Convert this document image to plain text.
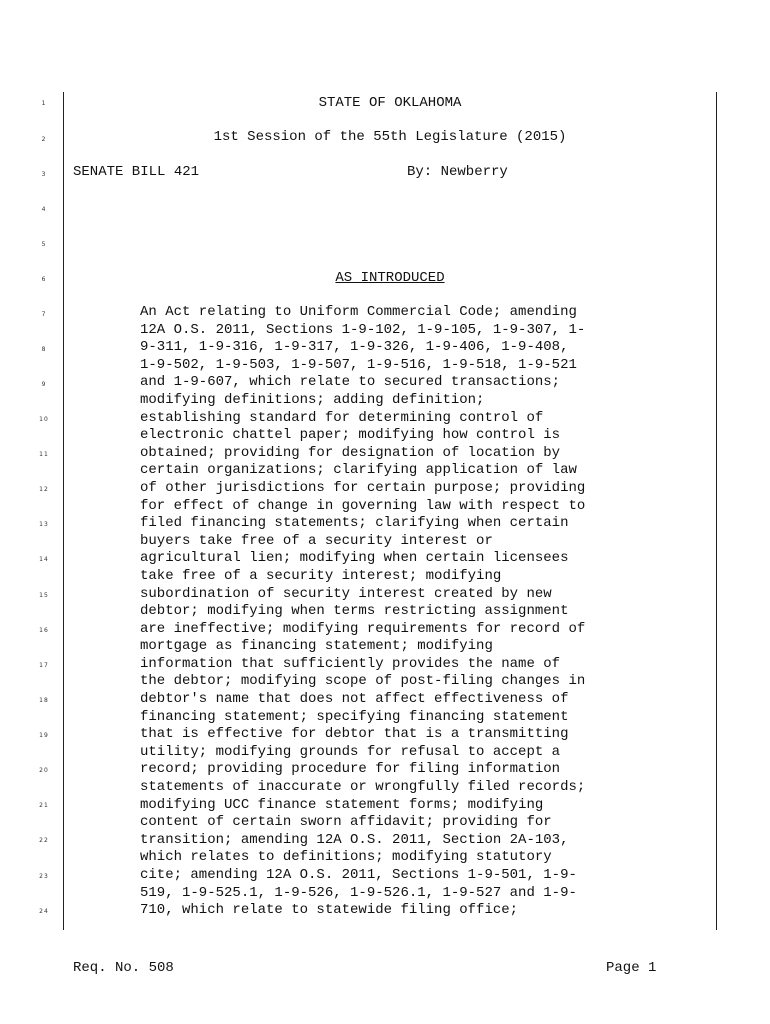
1
2
3
4
5
6
7
8
9
10
11
12
13
14
15
16
17
18
19
20
21
22
23
24
STATE OF OKLAHOMA
1st Session of the 55th Legislature (2015)
SENATE BILL 421	By: Newberry
AS INTRODUCED
An Act relating to Uniform Commercial Code; amending
12A O.S. 2011, Sections 1-9-102, 1-9-105, 1-9-307, 1-
9-311, 1-9-316, 1-9-317, 1-9-326, 1-9-406, 1-9-408,
1-9-502, 1-9-503, 1-9-507, 1-9-516, 1-9-518, 1-9-521
and 1-9-607, which relate to secured transactions;
modifying definitions; adding definition;
establishing standard for determining control of
electronic chattel paper; modifying how control is
obtained; providing for designation of location by
certain organizations; clarifying application of law
of other jurisdictions for certain purpose; providing
for effect of change in governing law with respect to
filed financing statements; clarifying when certain
buyers take free of a security interest or
agricultural lien; modifying when certain licensees
take free of a security interest; modifying
subordination of security interest created by new
debtor; modifying when terms restricting assignment
are ineffective; modifying requirements for record of
mortgage as financing statement; modifying
information that sufficiently provides the name of
the debtor; modifying scope of post-filing changes in
debtor's name that does not affect effectiveness of
financing statement; specifying financing statement
that is effective for debtor that is a transmitting
utility; modifying grounds for refusal to accept a
record; providing procedure for filing information
statements of inaccurate or wrongfully filed records;
modifying UCC finance statement forms; modifying
content of certain sworn affidavit; providing for
transition; amending 12A O.S. 2011, Section 2A-103,
which relates to definitions; modifying statutory
cite; amending 12A O.S. 2011, Sections 1-9-501, 1-9-
519, 1-9-525.1, 1-9-526, 1-9-526.1, 1-9-527 and 1-9-
710, which relate to statewide filing office;
Req. No. 508	Page 1
